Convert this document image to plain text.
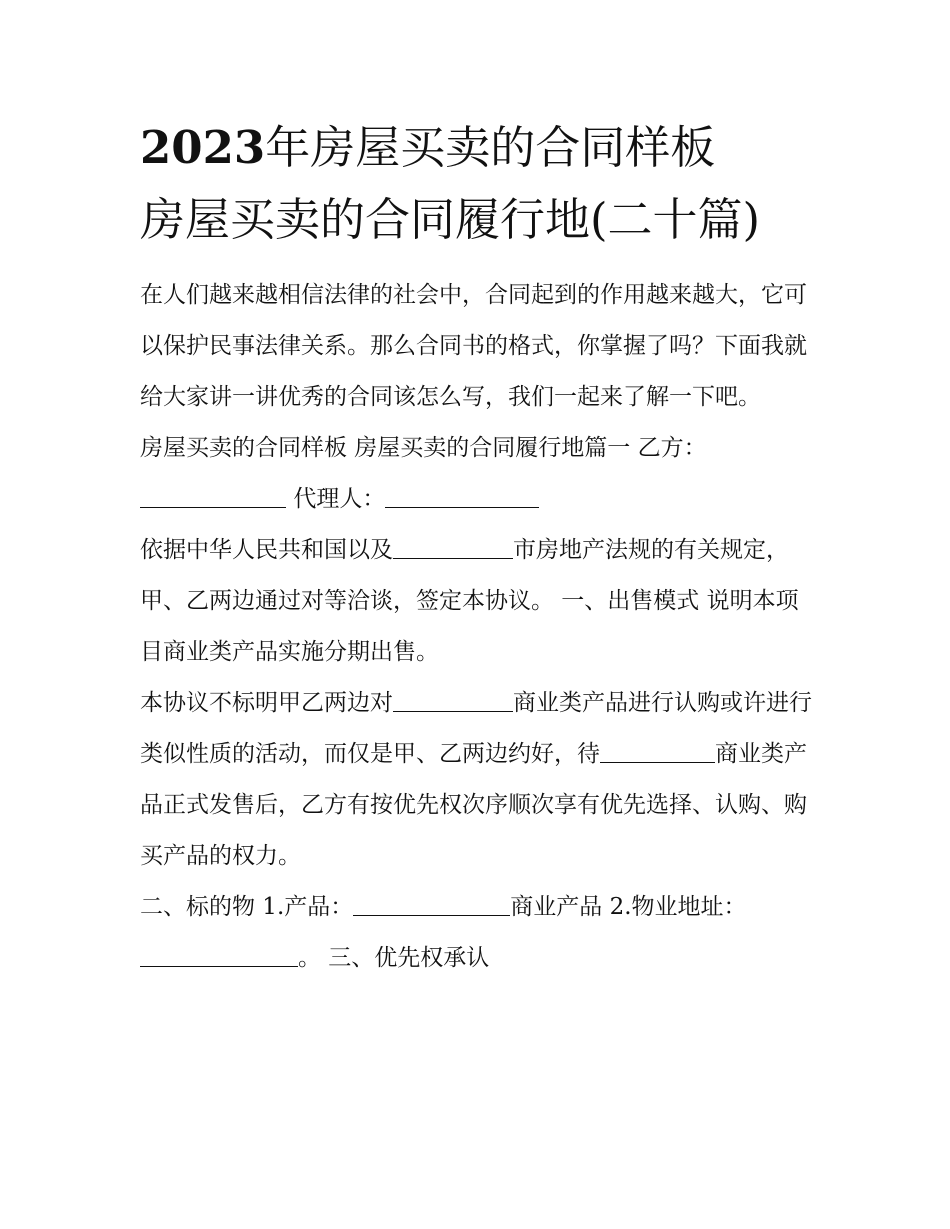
2023年房屋买卖的合同样板
房屋买卖的合同履行地(二十篇)

在人们越来越相信法律的社会中，合同起到的作用越来越大，它可以保护民事法律关系。那么合同书的格式，你掌握了吗？下面我就给大家讲一讲优秀的合同该怎么写，我们一起来了解一下吧。

房屋买卖的合同样板 房屋买卖的合同履行地篇一 乙方：

代理人：

依据中华人民共和国以及	市房地产法规的有关规定，甲、乙两边通过对等洽谈，签定本协议。 一、出售模式 说明本项目商业类产品实施分期出售。

本协议不标明甲乙两边对	商业类产品进行认购或许进行类似性质的活动，而仅是甲、乙两边约好，待	商业类产品正式发售后，乙方有按优先权次序顺次享有优先选择、认购、购买产品的权力。

二、标的物 1.产品：	商业产品 2.物业地址：

。 三、优先权承认
